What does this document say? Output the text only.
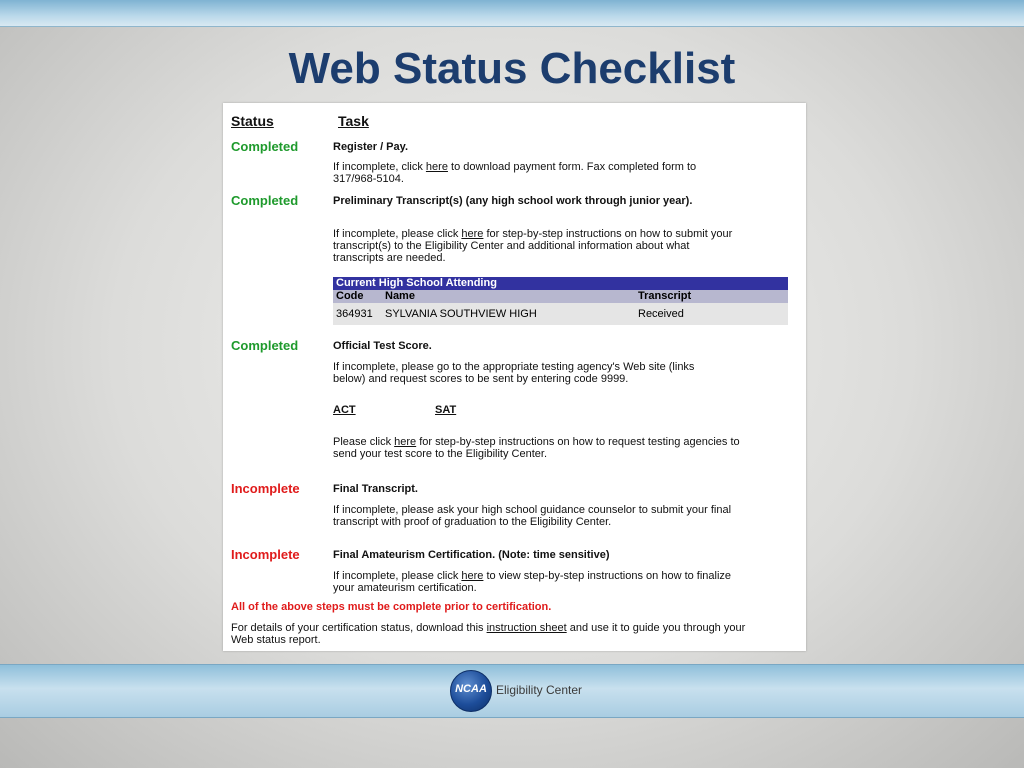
Web Status Checklist
Status	Task
Completed	Register / Pay.
If incomplete, click here to download payment form. Fax completed form to 317/968-5104.
Completed	Preliminary Transcript(s) (any high school work through junior year).
If incomplete, please click here for step-by-step instructions on how to submit your transcript(s) to the Eligibility Center and additional information about what transcripts are needed.
Current High School Attending
Code Name	Transcript
364931 SYLVANIA SOUTHVIEW HIGH	Received
Completed	Official Test Score.
If incomplete, please go to the appropriate testing agency's Web site (links below) and request scores to be sent by entering code 9999.
ACT	SAT
Please click here for step-by-step instructions on how to request testing agencies to send your test score to the Eligibility Center.
Incomplete	Final Transcript.
If incomplete, please ask your high school guidance counselor to submit your final transcript with proof of graduation to the Eligibility Center.
Incomplete	Final Amateurism Certification. (Note: time sensitive)
If incomplete, please click here to view step-by-step instructions on how to finalize your amateurism certification.
All of the above steps must be complete prior to certification.
For details of your certification status, download this instruction sheet and use it to guide you through your Web status report.
NCAA Eligibility Center
